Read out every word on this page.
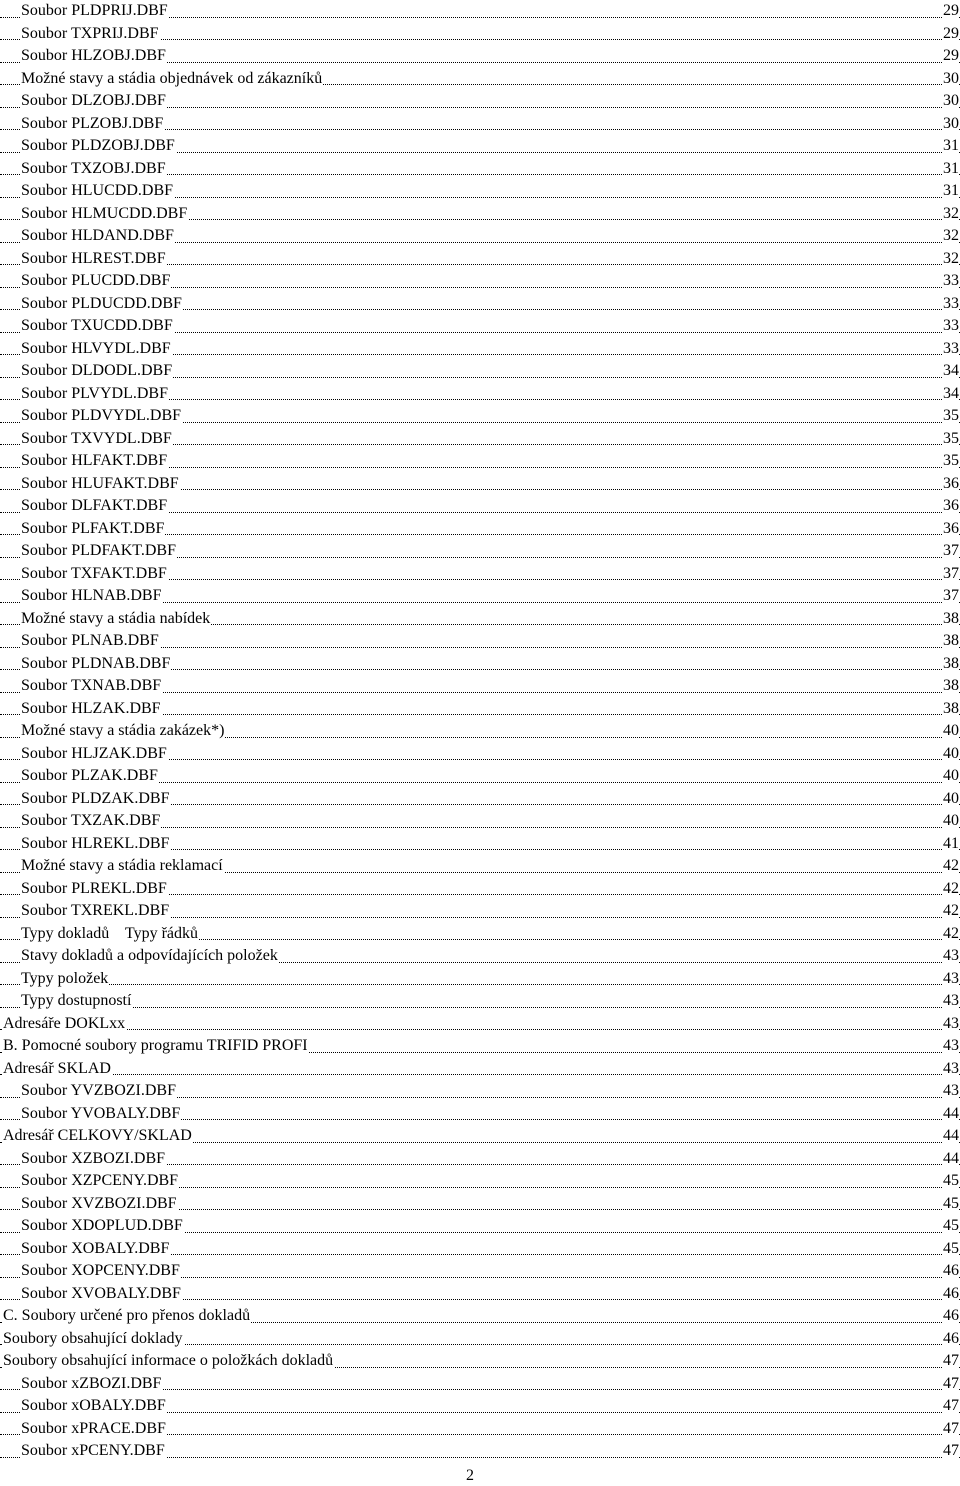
Soubor PLDPRIJ.DBF	29
Soubor TXPRIJ.DBF	29
Soubor HLZOBJ.DBF	29
Možné stavy a stádia objednávek od zákazníků	30
Soubor DLZOBJ.DBF	30
Soubor PLZOBJ.DBF	30
Soubor PLDZOBJ.DBF	31
Soubor TXZOBJ.DBF	31
Soubor HLUCDD.DBF	31
Soubor HLMUCDD.DBF	32
Soubor HLDAND.DBF	32
Soubor HLREST.DBF	32
Soubor PLUCDD.DBF	33
Soubor PLDUCDD.DBF	33
Soubor TXUCDD.DBF	33
Soubor HLVYDL.DBF	33
Soubor DLDODL.DBF	34
Soubor PLVYDL.DBF	34
Soubor PLDVYDL.DBF	35
Soubor TXVYDL.DBF	35
Soubor HLFAKT.DBF	35
Soubor HLUFAKT.DBF	36
Soubor DLFAKT.DBF	36
Soubor PLFAKT.DBF	36
Soubor PLDFAKT.DBF	37
Soubor TXFAKT.DBF	37
Soubor HLNAB.DBF	37
Možné stavy a stádia nabídek	38
Soubor PLNAB.DBF	38
Soubor PLDNAB.DBF	38
Soubor TXNAB.DBF	38
Soubor HLZAK.DBF	38
Možné stavy a stádia zakázek*)	40
Soubor HLJZAK.DBF	40
Soubor PLZAK.DBF	40
Soubor PLDZAK.DBF	40
Soubor TXZAK.DBF	40
Soubor HLREKL.DBF	41
Možné stavy a stádia reklamací	42
Soubor PLREKL.DBF	42
Soubor TXREKL.DBF	42
Typy dokladů    Typy řádků	42
Stavy dokladů a odpovídajících položek	43
Typy položek	43
Typy dostupností	43
Adresáře DOKLxx	43
B. Pomocné soubory programu TRIFID PROFI	43
Adresář SKLAD	43
Soubor YVZBOZI.DBF	43
Soubor YVOBALY.DBF	44
Adresář CELKOVY/SKLAD	44
Soubor XZBOZI.DBF	44
Soubor XZPCENY.DBF	45
Soubor XVZBOZI.DBF	45
Soubor XDOPLUD.DBF	45
Soubor XOBALY.DBF	45
Soubor XOPCENY.DBF	46
Soubor XVOBALY.DBF	46
C. Soubory určené pro přenos dokladů	46
Soubory obsahující doklady	46
Soubory obsahující informace o položkách dokladů	47
Soubor xZBOZI.DBF	47
Soubor xOBALY.DBF	47
Soubor xPRACE.DBF	47
Soubor xPCENY.DBF	47
2
